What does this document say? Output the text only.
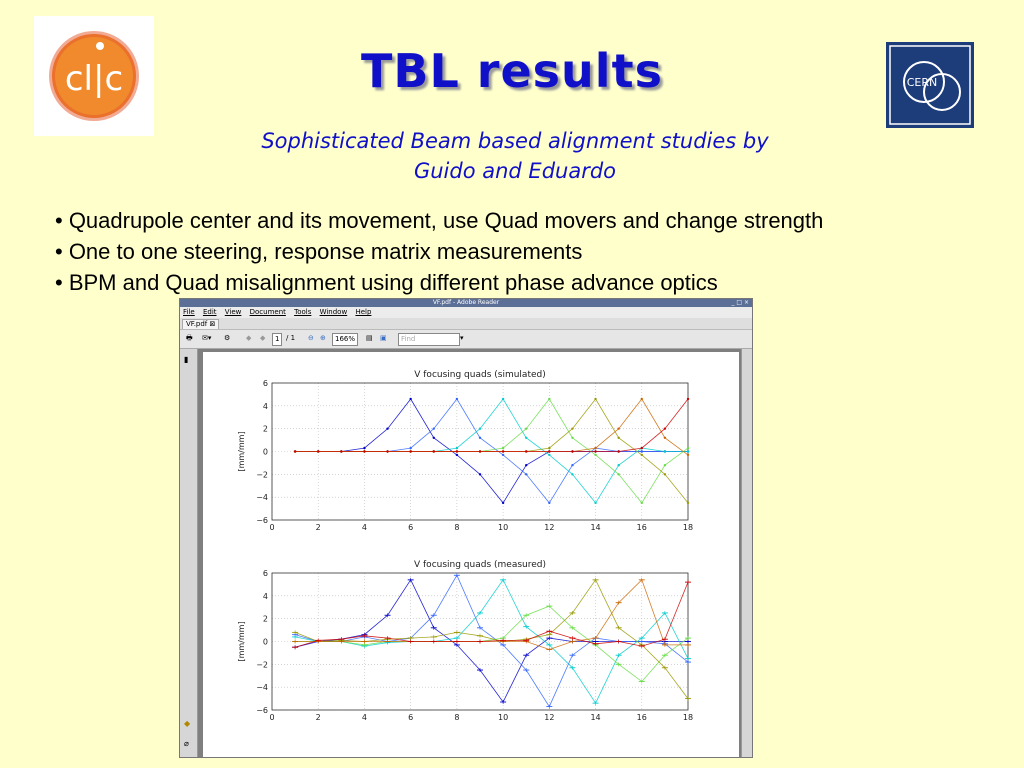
cl|c	CERN
TBL results
Sophisticated Beam based alignment studies by
Guido and Eduardo
• Quadrupole center and its movement, use Quad movers and change strength
• One to one steering, response matrix measurements
• BPM and Quad misalignment using different phase advance optics
VF.pdf - Adobe Reader	_ □ ×
File Edit View Document Tools Window Help
VF.pdf ⊠
🖶 ✉▾ ⚙ ◆ ◆	1 / 1 ⊖ ⊕	166%	▤ ▣	Find	▾
▮
◆
⌀
V focusing quads (simulated)
[mm/mm]
0	2	4	6	8	10	12	14	16	18
−6
−4
−2
0
2
4
6
V focusing quads (measured)
[mm/mm]
0	2	4	6	8	10	12	14	16	18
−6
−4
−2
0
2
4
6
